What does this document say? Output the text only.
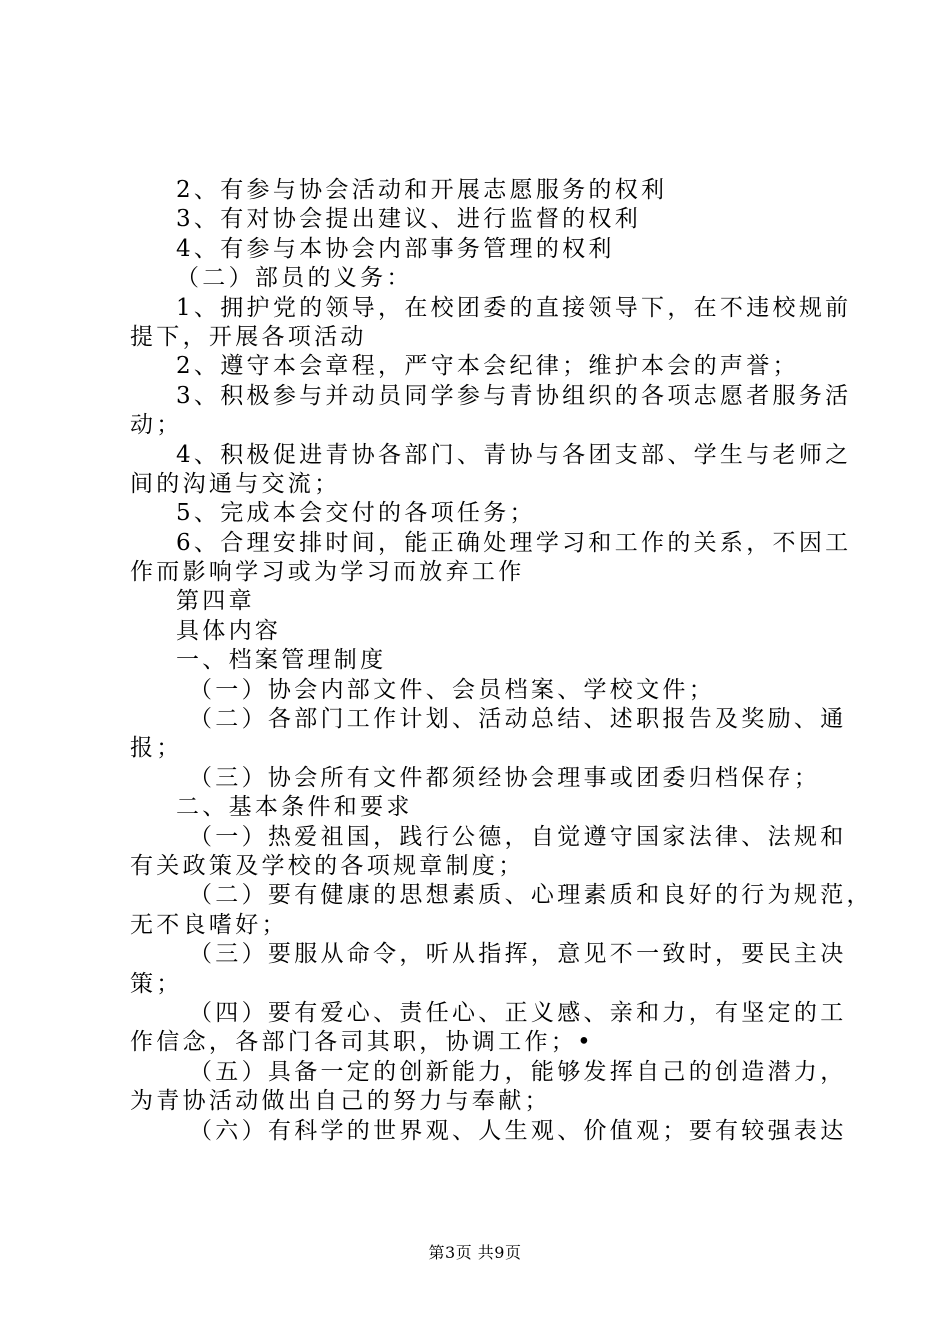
2、有参与协会活动和开展志愿服务的权利
3、有对协会提出建议、进行监督的权利
4、有参与本协会内部事务管理的权利
（二）部员的义务：
1、拥护党的领导，在校团委的直接领导下，在不违校规前
提下，开展各项活动
2、遵守本会章程，严守本会纪律；维护本会的声誉；
3、积极参与并动员同学参与青协组织的各项志愿者服务活
动；
4、积极促进青协各部门、青协与各团支部、学生与老师之
间的沟通与交流；
5、完成本会交付的各项任务；
6、合理安排时间，能正确处理学习和工作的关系，不因工
作而影响学习或为学习而放弃工作
第四章
具体内容
一、档案管理制度
（一）协会内部文件、会员档案、学校文件；
（二）各部门工作计划、活动总结、述职报告及奖励、通
报；
（三）协会所有文件都须经协会理事或团委归档保存；
二、基本条件和要求
（一）热爱祖国，践行公德，自觉遵守国家法律、法规和
有关政策及学校的各项规章制度；
（二）要有健康的思想素质、心理素质和良好的行为规范，
无不良嗜好；
（三）要服从命令，听从指挥，意见不一致时，要民主决
策；
（四）要有爱心、责任心、正义感、亲和力，有坚定的工
作信念，各部门各司其职，协调工作；•
（五）具备一定的创新能力，能够发挥自己的创造潜力，
为青协活动做出自己的努力与奉献；
（六）有科学的世界观、人生观、价值观；要有较强表达
第3页 共9页
